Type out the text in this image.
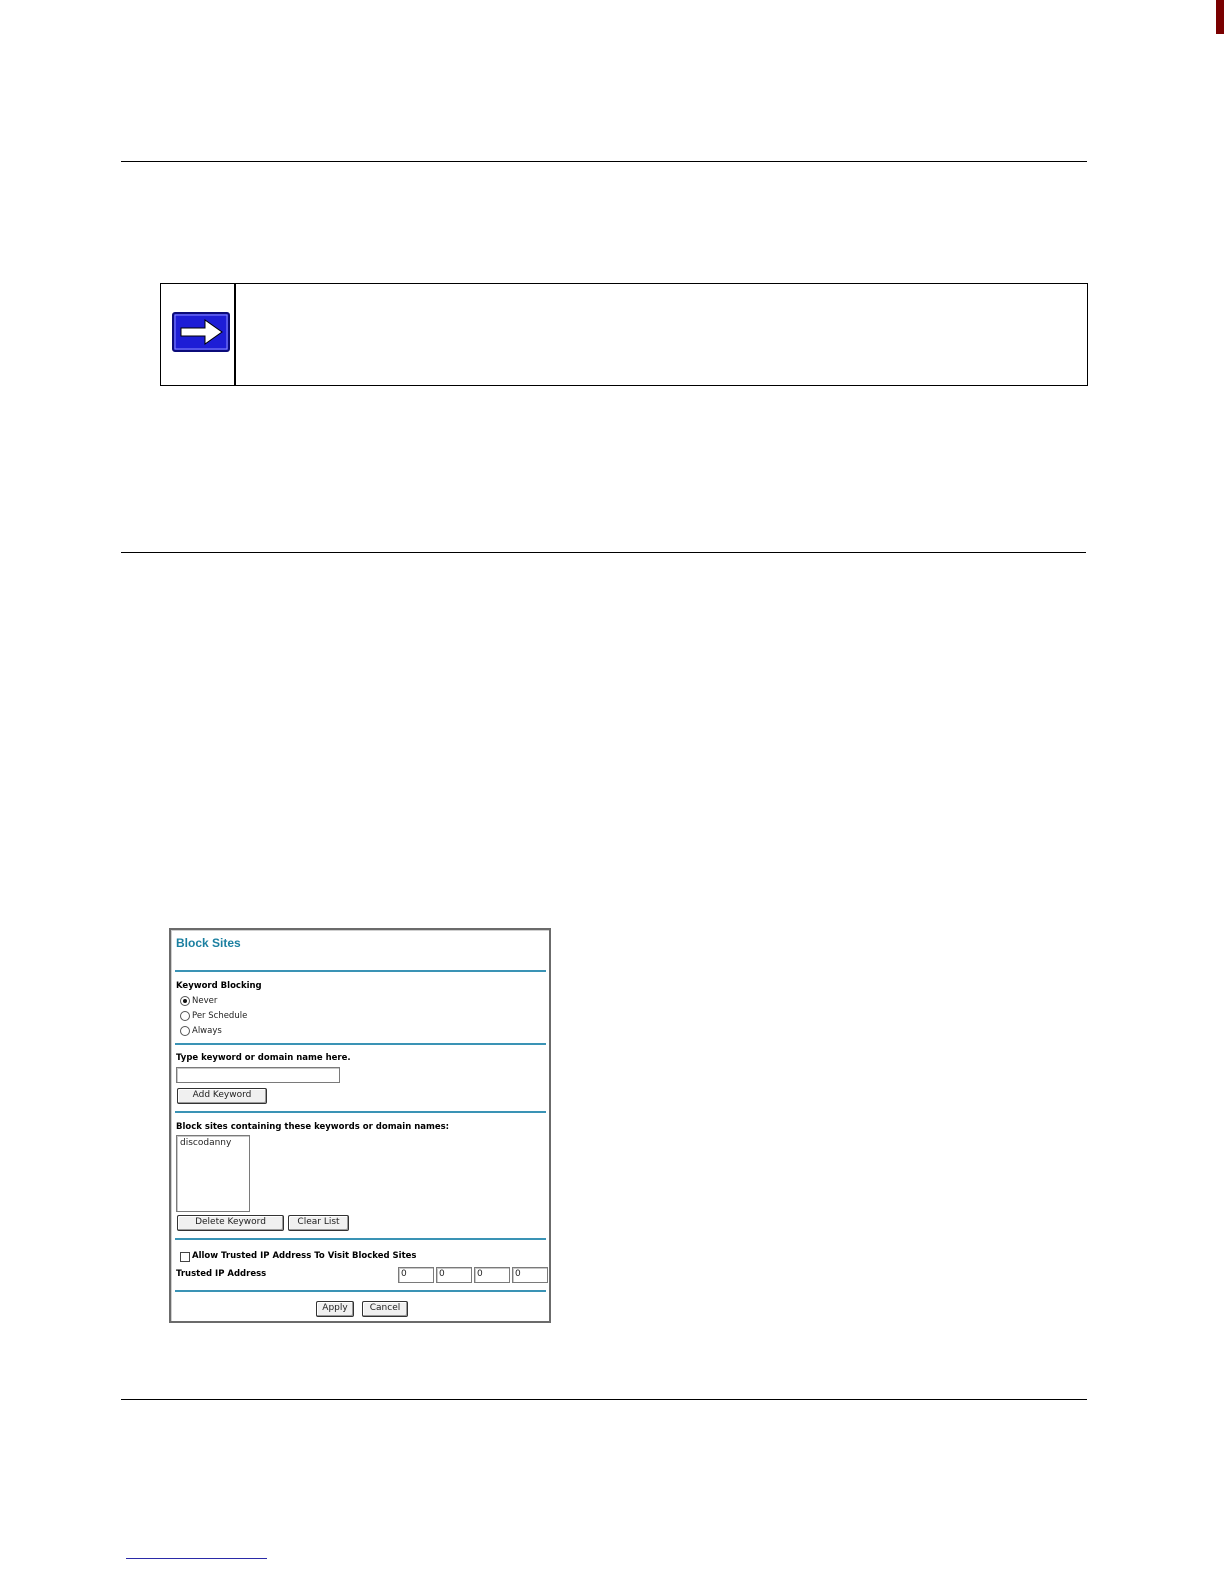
Block Sites
Keyword Blocking
Never
Per Schedule
Always
Type keyword or domain name here.
Add Keyword
Block sites containing these keywords or domain names:
discodanny
Delete Keyword	Clear List
Allow Trusted IP Address To Visit Blocked Sites
Trusted IP Address	0	0	0	0
Apply	Cancel
